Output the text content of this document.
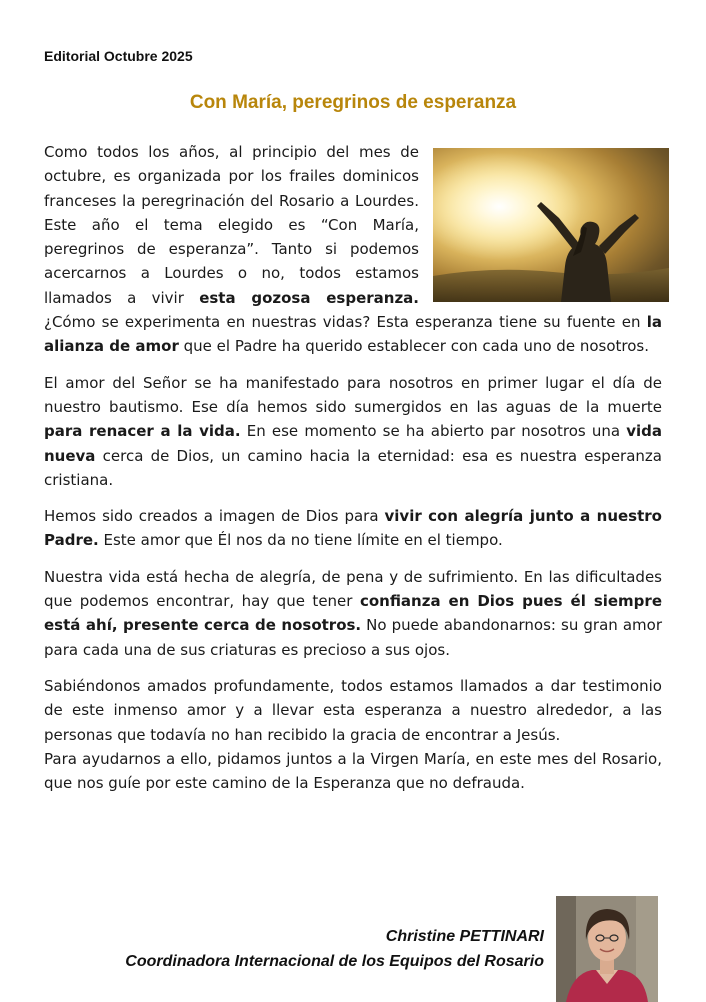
Editorial Octubre 2025
Con María, peregrinos de esperanza

Como todos los años, al principio del mes de octubre, es organizada por los frailes dominicos franceses la peregrinación del Rosario a Lourdes. Este año el tema elegido es “Con María, peregrinos de esperanza”. Tanto si podemos acercarnos a Lourdes o no, todos estamos llamados a vivir esta gozosa esperanza. ¿Cómo se experimenta en nuestras vidas? Esta esperanza tiene su fuente en la alianza de amor que el Padre ha querido establecer con cada uno de nosotros.

El amor del Señor se ha manifestado para nosotros en primer lugar el día de nuestro bautismo. Ese día hemos sido sumergidos en las aguas de la muerte para renacer a la vida. En ese momento se ha abierto par nosotros una vida nueva cerca de Dios, un camino hacia la eternidad: esa es nuestra esperanza cristiana.

Hemos sido creados a imagen de Dios para vivir con alegría junto a nuestro Padre. Este amor que Él nos da no tiene límite en el tiempo.

Nuestra vida está hecha de alegría, de pena y de sufrimiento. En las dificultades que podemos encontrar, hay que tener confianza en Dios pues él siempre está ahí, presente cerca de nosotros. No puede abandonarnos: su gran amor para cada una de sus criaturas es precioso a sus ojos.

Sabiéndonos amados profundamente, todos estamos llamados a dar testimonio de este inmenso amor y a llevar esta esperanza a nuestro alrededor, a las personas que todavía no han recibido la gracia de encontrar a Jesús.

Para ayudarnos a ello, pidamos juntos a la Virgen María, en este mes del Rosario, que nos guíe por este camino de la Esperanza que no defrauda.

Christine PETTINARI
Coordinadora Internacional de los Equipos del Rosario
